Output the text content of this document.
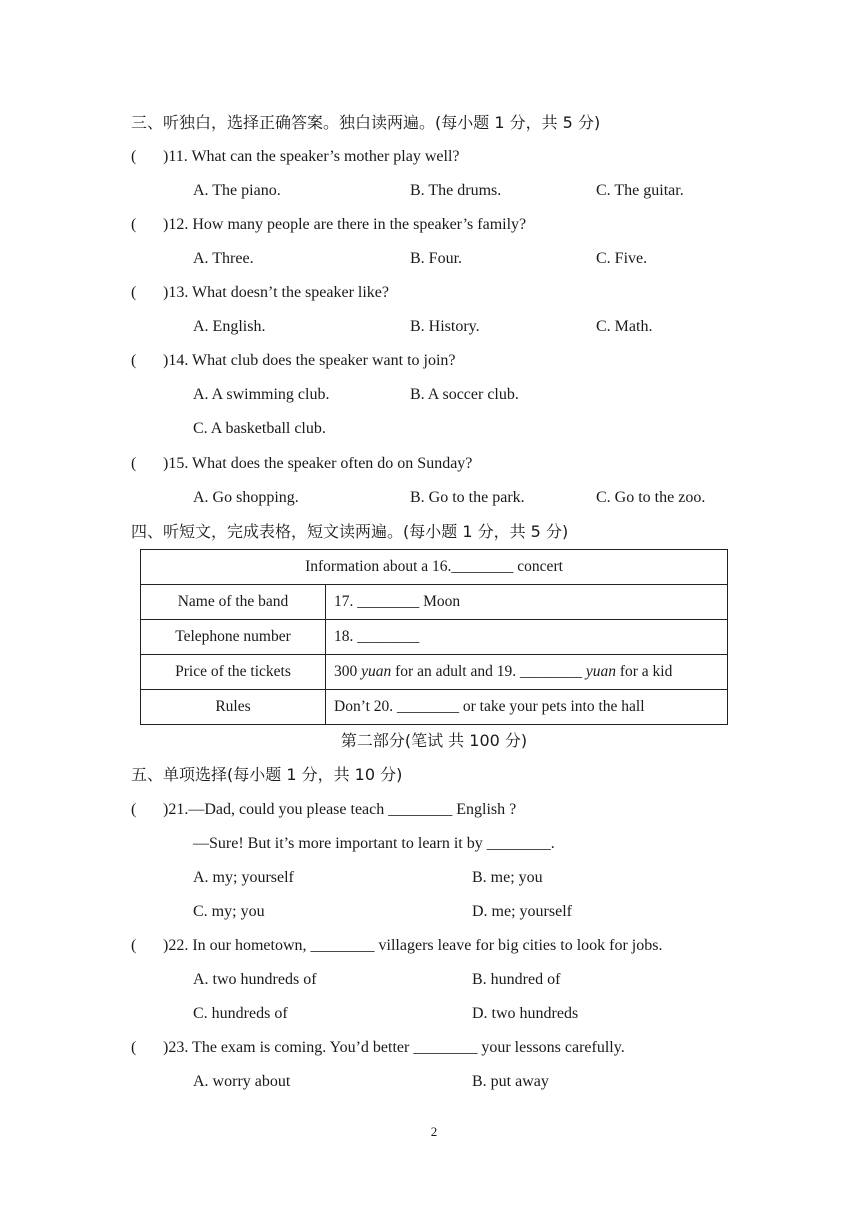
三、听独白，选择正确答案。独白读两遍。(每小题 1 分，共 5 分)
( )11. What can the speaker’s mother play well?
A. The piano.	B. The drums.	C. The guitar.
( )12. How many people are there in the speaker’s family?
A. Three.	B. Four.	C. Five.
( )13. What doesn’t the speaker like?
A. English.	B. History.	C. Math.
( )14. What club does the speaker want to join?
A. A swimming club.	B. A soccer club.
C. A basketball club.
( )15. What does the speaker often do on Sunday?
A. Go shopping.	B. Go to the park.	C. Go to the zoo.
四、听短文，完成表格，短文读两遍。(每小题 1 分，共 5 分)
Information about a 16.________ concert	
Name of the band	17. ________ Moon
Telephone number	18. ________
Price of the tickets	300 yuan for an adult and 19. ________ yuan for a kid
Rules	Don’t 20. ________ or take your pets into the hall
第二部分(笔试 共 100 分)
五、单项选择(每小题 1 分，共 10 分)
( )21.—Dad, could you please teach ________ English ?
—Sure! But it’s more important to learn it by ________.
A. my; yourself	B. me; you
C. my; you	D. me; yourself
( )22. In our hometown, ________ villagers leave for big cities to look for jobs.
A. two hundreds of	B. hundred of
C. hundreds of	D. two hundreds
( )23. The exam is coming. You’d better ________ your lessons carefully.
A. worry about	B. put away
2
